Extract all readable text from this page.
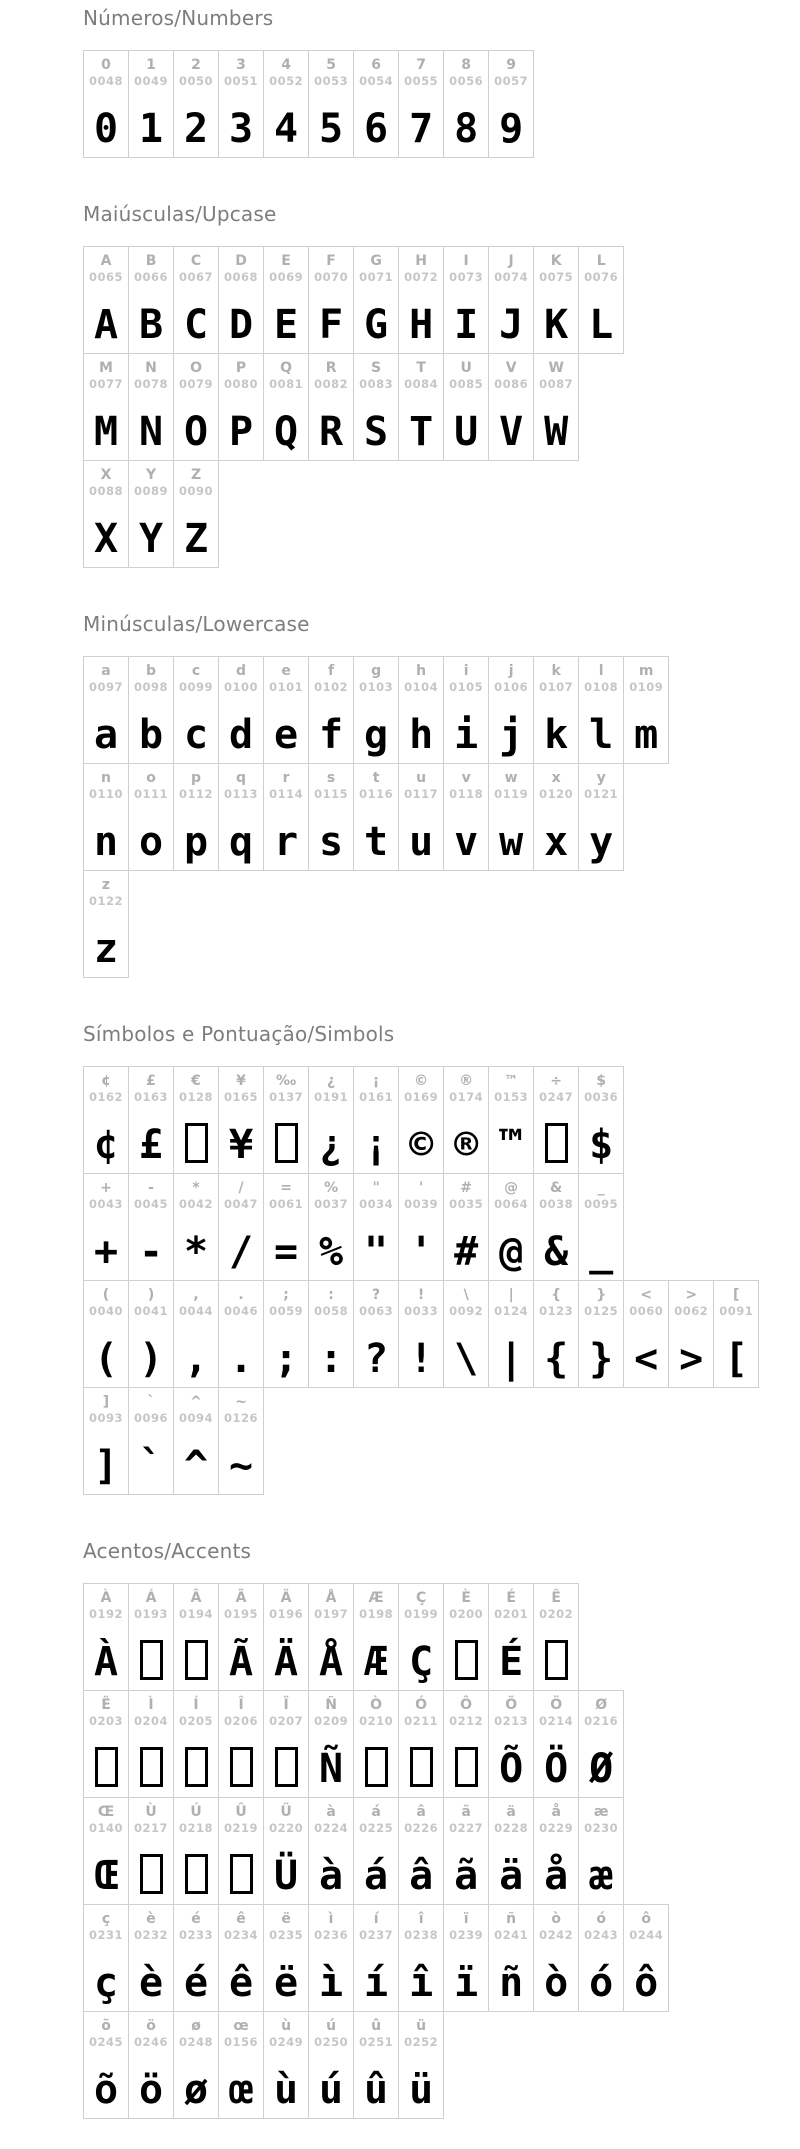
Números/Numbers
0
0048
0
1
0049
1
2
0050
2
3
0051
3
4
0052
4
5
0053
5
6
0054
6
7
0055
7
8
0056
8
9
0057
9
Maiúsculas/Upcase
A
0065
A
B
0066
B
C
0067
C
D
0068
D
E
0069
E
F
0070
F
G
0071
G
H
0072
H
I
0073
I
J
0074
J
K
0075
K
L
0076
L
M
0077
M
N
0078
N
O
0079
O
P
0080
P
Q
0081
Q
R
0082
R
S
0083
S
T
0084
T
U
0085
U
V
0086
V
W
0087
W
X
0088
X
Y
0089
Y
Z
0090
Z
Minúsculas/Lowercase
a
0097
a
b
0098
b
c
0099
c
d
0100
d
e
0101
e
f
0102
f
g
0103
g
h
0104
h
i
0105
i
j
0106
j
k
0107
k
l
0108
l
m
0109
m
n
0110
n
o
0111
o
p
0112
p
q
0113
q
r
0114
r
s
0115
s
t
0116
t
u
0117
u
v
0118
v
w
0119
w
x
0120
x
y
0121
y
z
0122
z
Símbolos e Pontuação/Simbols
¢
0162
¢
£
0163
£
€
0128
¥
0165
¥
‰
0137
¿
0191
¿
¡
0161
¡
©
0169
©
®
0174
®
™
0153
™
÷
0247
$
0036
$
+
0043
+
-
0045
-
*
0042
*
/
0047
/
=
0061
=
%
0037
%
"
0034
"
'
0039
'
#
0035
#
@
0064
@
&
0038
&
_
0095
_
(
0040
(
)
0041
)
,
0044
,
.
0046
.
;
0059
;
:
0058
:
?
0063
?
!
0033
!
\
0092
\
|
0124
|
{
0123
{
}
0125
}
<
0060
<
>
0062
>
[
0091
[
]
0093
]
`
0096
`
^
0094
^
~
0126
~
Acentos/Accents
À
0192
À
Á
0193
Â
0194
Ã
0195
Ã
Ä
0196
Ä
Å
0197
Å
Æ
0198
Æ
Ç
0199
Ç
È
0200
É
0201
É
Ê
0202
Ë
0203
Ì
0204
Í
0205
Î
0206
Ï
0207
Ñ
0209
Ñ
Ò
0210
Ó
0211
Ô
0212
Õ
0213
Õ
Ö
0214
Ö
Ø
0216
Ø
Œ
0140
Œ
Ù
0217
Ú
0218
Û
0219
Ü
0220
Ü
à
0224
à
á
0225
á
â
0226
â
ã
0227
ã
ä
0228
ä
å
0229
å
æ
0230
æ
ç
0231
ç
è
0232
è
é
0233
é
ê
0234
ê
ë
0235
ë
ì
0236
ì
í
0237
í
î
0238
î
ï
0239
ï
ñ
0241
ñ
ò
0242
ò
ó
0243
ó
ô
0244
ô
õ
0245
õ
ö
0246
ö
ø
0248
ø
œ
0156
œ
ù
0249
ù
ú
0250
ú
û
0251
û
ü
0252
ü
